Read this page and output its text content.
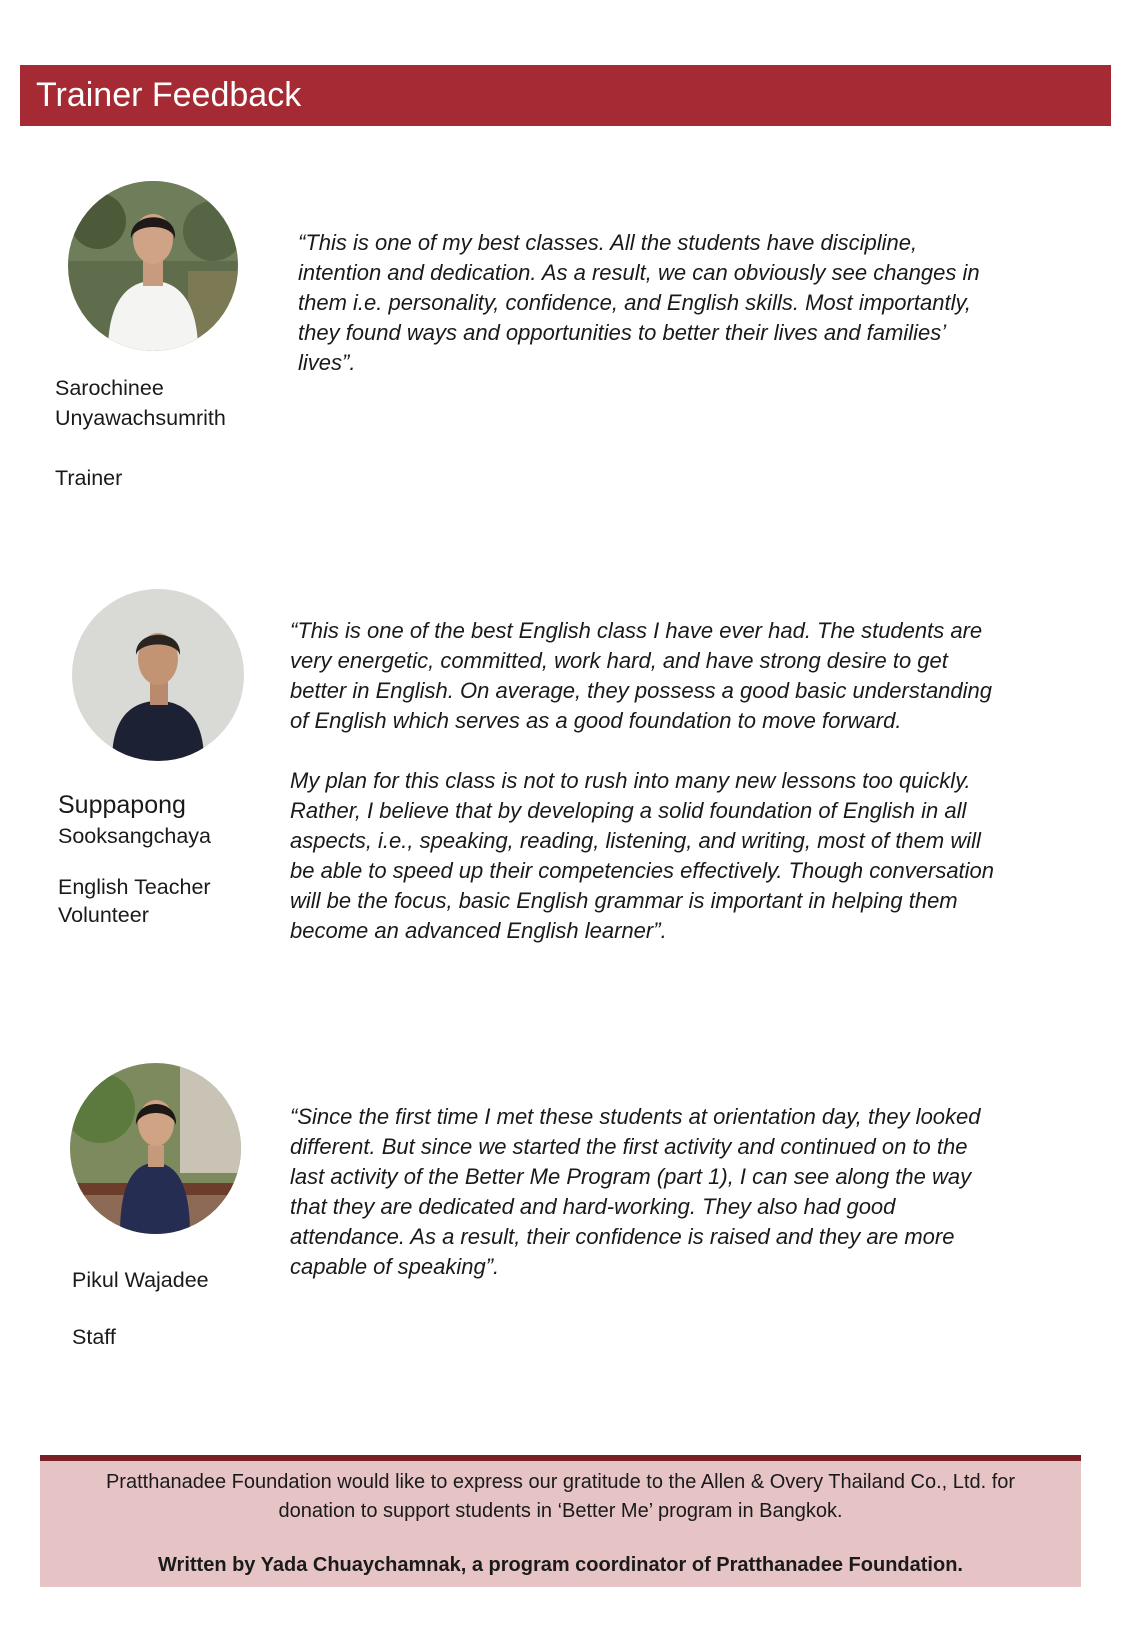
Trainer Feedback
Sarochinee
Unyawachsumrith
Trainer
“This is one of my best classes. All the students have discipline,
intention and dedication. As a result, we can obviously see changes in
them i.e. personality, confidence, and English skills. Most importantly,
they found ways and opportunities to better their lives and families’
lives”.
Suppapong
Sooksangchaya
English Teacher
Volunteer
“This is one of the best English class I have ever had. The students are
very energetic, committed, work hard, and have strong desire to get
better in English. On average, they possess a good basic understanding
of English which serves as a good foundation to move forward.
My plan for this class is not to rush into many new lessons too quickly.
Rather, I believe that by developing a solid foundation of English in all
aspects, i.e., speaking, reading, listening, and writing, most of them will
be able to speed up their competencies effectively. Though conversation
will be the focus, basic English grammar is important in helping them
become an advanced English learner”.
Pikul Wajadee
Staff
“Since the first time I met these students at orientation day, they looked
different. But since we started the first activity and continued on to the
last activity of the Better Me Program (part 1), I can see along the way
that they are dedicated and hard-working. They also had good
attendance. As a result, their confidence is raised and they are more
capable of speaking”.
Pratthanadee Foundation would like to express our gratitude to the Allen & Overy Thailand Co., Ltd. for
donation to support students in ‘Better Me’ program in Bangkok.
Written by Yada Chuaychamnak, a program coordinator of Pratthanadee Foundation.
